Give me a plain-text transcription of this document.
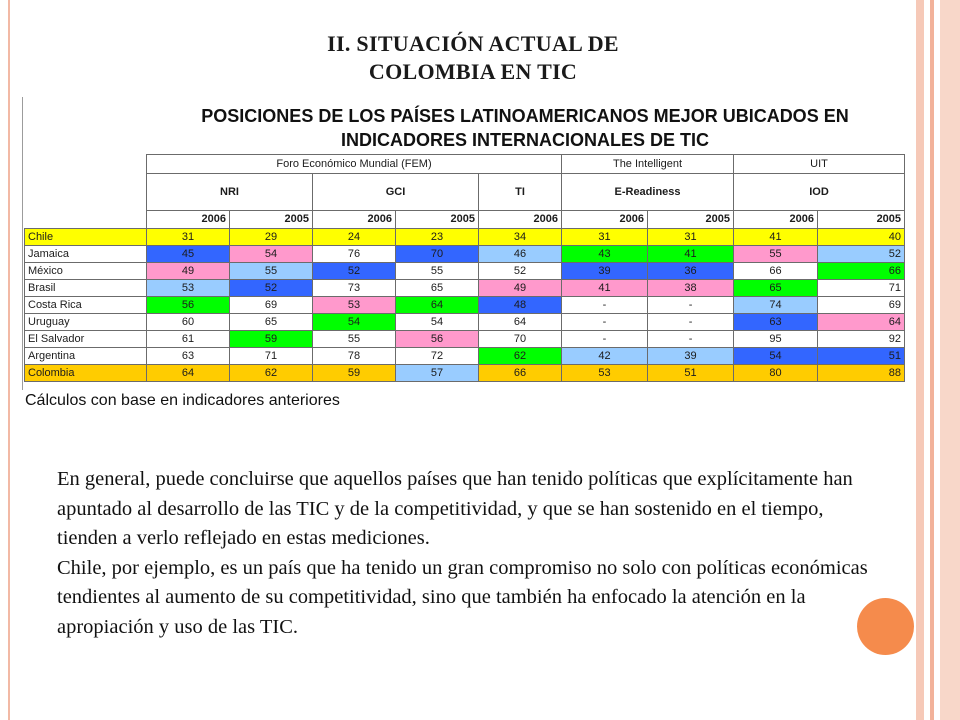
II. SITUACIÓN ACTUAL DE
COLOMBIA EN TIC
POSICIONES DE LOS PAÍSES LATINOAMERICANOS MEJOR UBICADOS EN
INDICADORES INTERNACIONALES DE TIC
	Foro Económico Mundial (FEM)					The Intelligent		UIT	
	NRI		GCI		TI	E-Readiness		IOD	
	2006	2005	2006	2005	2006	2006	2005	2006	2005
Chile	31	29	24	23	34	31	31	41	40
Jamaica	45	54	76	70	46	43	41	55	52
México	49	55	52	55	52	39	36	66	66
Brasil	53	52	73	65	49	41	38	65	71
Costa Rica	56	69	53	64	48	-	-	74	69
Uruguay	60	65	54	54	64	-	-	63	64
El Salvador	61	59	55	56	70	-	-	95	92
Argentina	63	71	78	72	62	42	39	54	51
Colombia	64	62	59	57	66	53	51	80	88
Cálculos con base en indicadores anteriores

En general, puede concluirse que aquellos países que han tenido políticas que explícitamente han apuntado al desarrollo de las TIC y de la competitividad, y que se han sostenido en el tiempo, tienden a verlo reflejado en estas mediciones.

Chile, por ejemplo, es un país que ha tenido un gran compromiso no solo con políticas económicas tendientes al aumento de su competitividad, sino que también ha enfocado la atención en la apropiación y uso de las TIC.
